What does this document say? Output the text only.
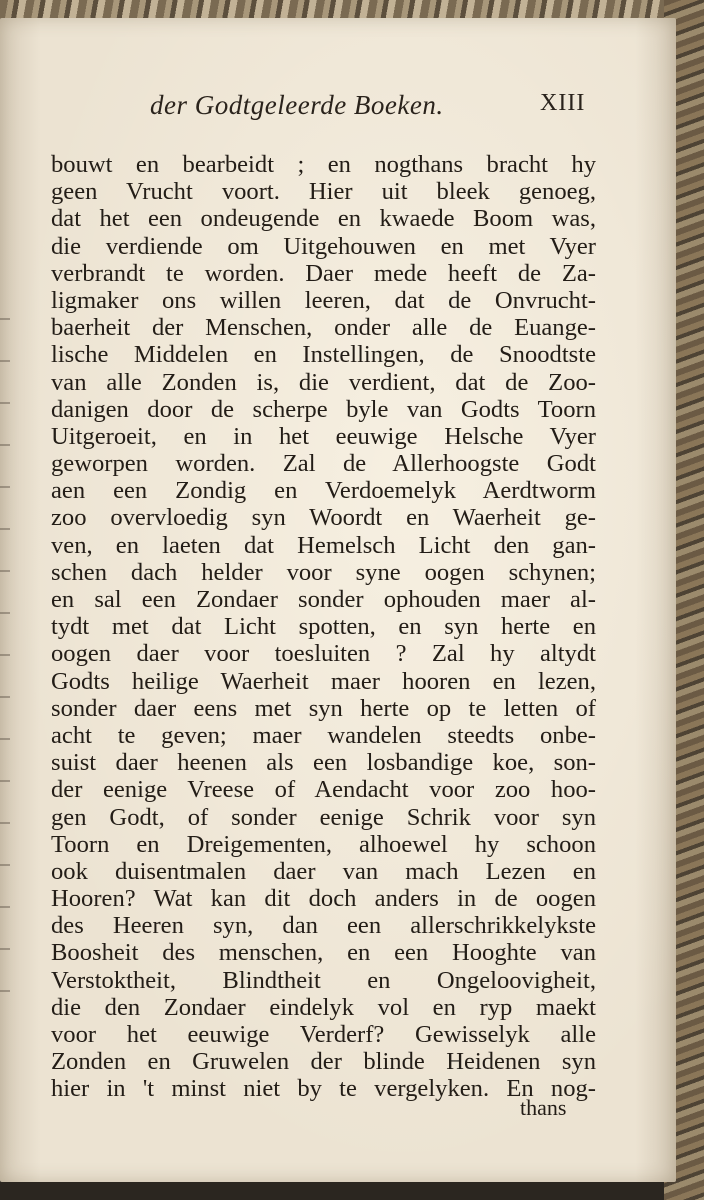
der Godtgeleerde Boeken.	XIII
bouwt en bearbeidt ; en nogthans bracht hy
geen Vrucht voort. Hier uit bleek genoeg,
dat het een ondeugende en kwaede Boom was,
die verdiende om Uitgehouwen en met Vyer
verbrandt te worden. Daer mede heeft de Za-
ligmaker ons willen leeren, dat de Onvrucht-
baerheit der Menschen, onder alle de Euange-
lische Middelen en Instellingen, de Snoodtste
van alle Zonden is, die verdient, dat de Zoo-
danigen door de scherpe byle van Godts Toorn
Uitgeroeit, en in het eeuwige Helsche Vyer
geworpen worden. Zal de Allerhoogste Godt
aen een Zondig en Verdoemelyk Aerdtworm
zoo overvloedig syn Woordt en Waerheit ge-
ven, en laeten dat Hemelsch Licht den gan-
schen dach helder voor syne oogen schynen;
en sal een Zondaer sonder ophouden maer al-
tydt met dat Licht spotten, en syn herte en
oogen daer voor toesluiten ? Zal hy altydt
Godts heilige Waerheit maer hooren en lezen,
sonder daer eens met syn herte op te letten of
acht te geven; maer wandelen steedts onbe-
suist daer heenen als een losbandige koe, son-
der eenige Vreese of Aendacht voor zoo hoo-
gen Godt, of sonder eenige Schrik voor syn
Toorn en Dreigementen, alhoewel hy schoon
ook duisentmalen daer van mach Lezen en
Hooren? Wat kan dit doch anders in de oogen
des Heeren syn, dan een allerschrikkelykste
Boosheit des menschen, en een Hooghte van
Verstoktheit, Blindtheit en Ongeloovigheit,
die den Zondaer eindelyk vol en ryp maekt
voor het eeuwige Verderf? Gewisselyk alle
Zonden en Gruwelen der blinde Heidenen syn
hier in 't minst niet by te vergelyken. En nog-
thans
